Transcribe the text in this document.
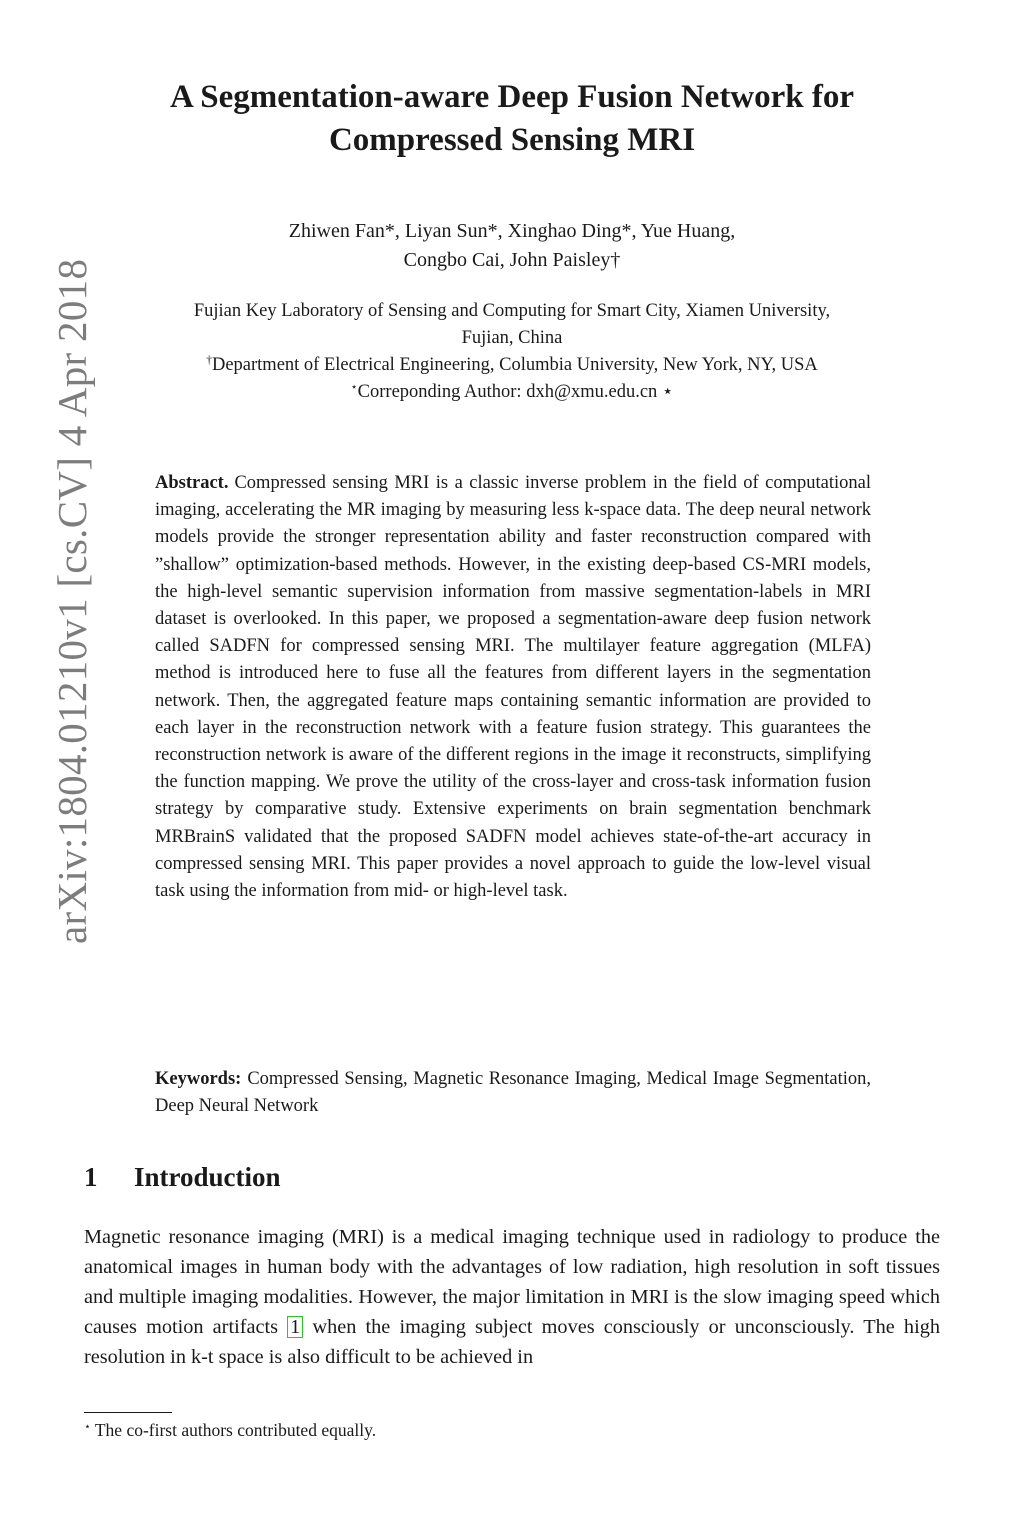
arXiv:1804.01210v1 [cs.CV] 4 Apr 2018
A Segmentation-aware Deep Fusion Network for
Compressed Sensing MRI
Zhiwen Fan*, Liyan Sun*, Xinghao Ding*, Yue Huang,
Congbo Cai, John Paisley†
Fujian Key Laboratory of Sensing and Computing for Smart City, Xiamen University,
Fujian, China
†Department of Electrical Engineering, Columbia University, New York, NY, USA
⋆Correponding Author: dxh@xmu.edu.cn ⋆
Abstract. Compressed sensing MRI is a classic inverse problem in the field of computational imaging, accelerating the MR imaging by measuring less k-space data. The deep neural network models provide the stronger representation ability and faster reconstruction compared with ”shallow” optimization-based methods. However, in the existing deep-based CS-MRI models, the high-level semantic supervision information from massive segmentation-labels in MRI dataset is overlooked. In this paper, we proposed a segmentation-aware deep fusion network called SADFN for compressed sensing MRI. The multilayer feature aggregation (MLFA) method is introduced here to fuse all the features from different layers in the segmentation network. Then, the aggregated feature maps containing semantic information are provided to each layer in the reconstruction network with a feature fusion strategy. This guarantees the reconstruction network is aware of the different regions in the image it reconstructs, simplifying the function mapping. We prove the utility of the cross-layer and cross-task information fusion strategy by comparative study. Extensive experiments on brain segmentation benchmark MRBrainS validated that the proposed SADFN model achieves state-of-the-art accuracy in compressed sensing MRI. This paper provides a novel approach to guide the low-level visual task using the information from mid- or high-level task.
Keywords: Compressed Sensing, Magnetic Resonance Imaging, Medical Image Segmentation, Deep Neural Network
1 Introduction
Magnetic resonance imaging (MRI) is a medical imaging technique used in radiology to produce the anatomical images in human body with the advantages of low radiation, high resolution in soft tissues and multiple imaging modalities. However, the major limitation in MRI is the slow imaging speed which causes motion artifacts 1 when the imaging subject moves consciously or unconsciously. The high resolution in k-t space is also difficult to be achieved in
⋆ The co-first authors contributed equally.
